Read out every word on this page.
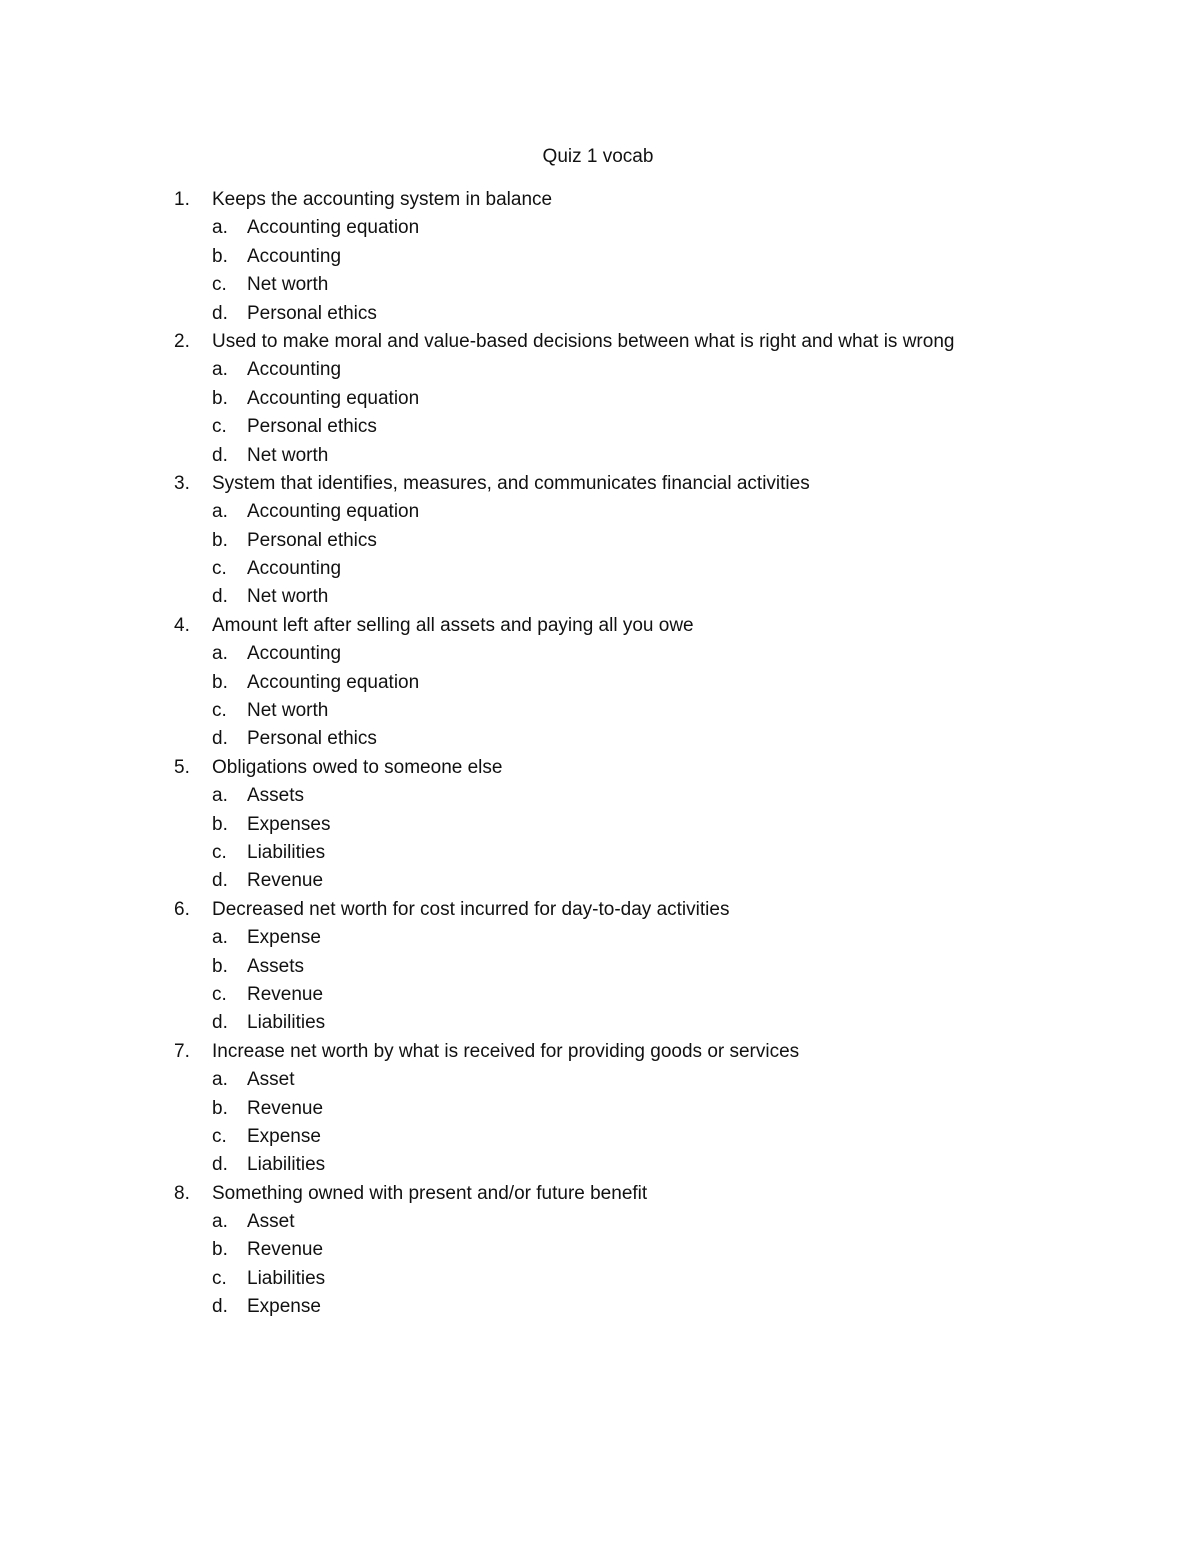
Quiz 1 vocab
1. Keeps the accounting system in balance
a. Accounting equation
b. Accounting
c. Net worth
d. Personal ethics
2. Used to make moral and value-based decisions between what is right and what is wrong
a. Accounting
b. Accounting equation
c. Personal ethics
d. Net worth
3. System that identifies, measures, and communicates financial activities
a. Accounting equation
b. Personal ethics
c. Accounting
d. Net worth
4. Amount left after selling all assets and paying all you owe
a. Accounting
b. Accounting equation
c. Net worth
d. Personal ethics
5. Obligations owed to someone else
a. Assets
b. Expenses
c. Liabilities
d. Revenue
6. Decreased net worth for cost incurred for day-to-day activities
a. Expense
b. Assets
c. Revenue
d. Liabilities
7. Increase net worth by what is received for providing goods or services
a. Asset
b. Revenue
c. Expense
d. Liabilities
8. Something owned with present and/or future benefit
a. Asset
b. Revenue
c. Liabilities
d. Expense
